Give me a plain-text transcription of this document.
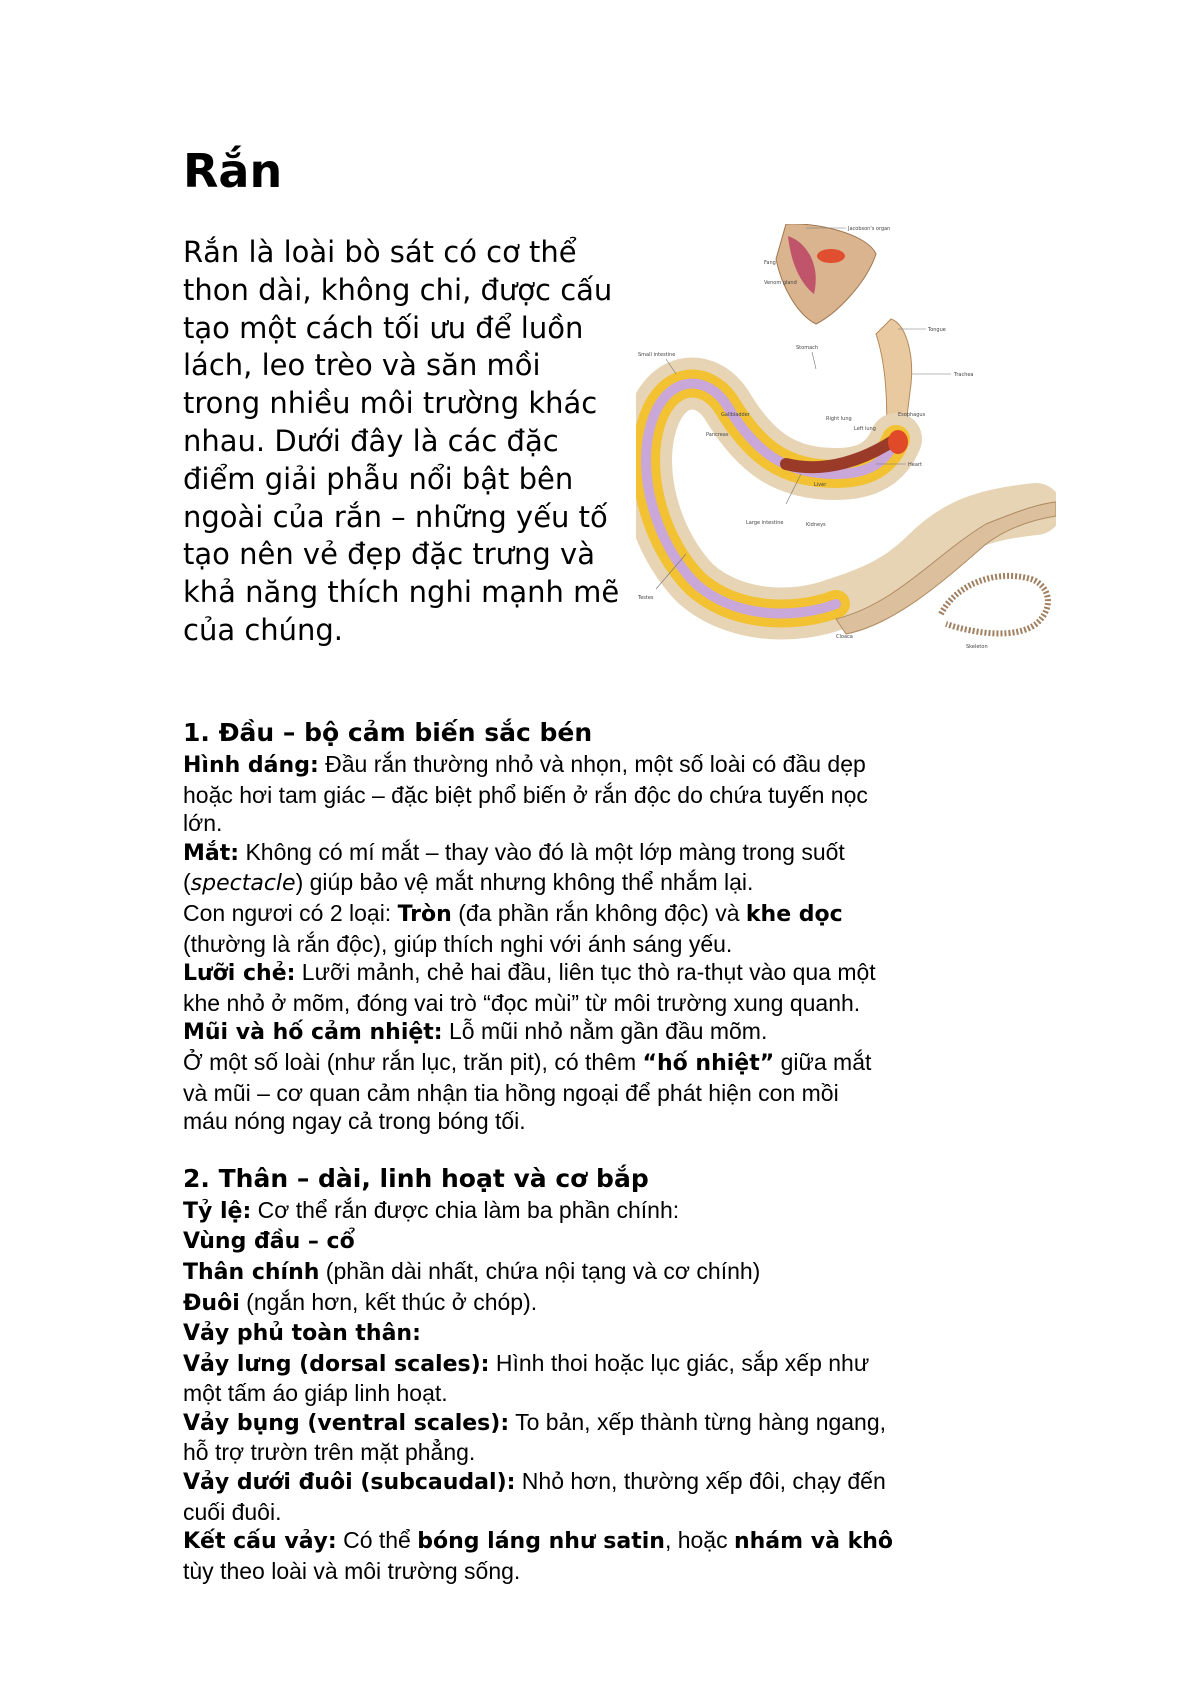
Rắn

Rắn là loài bò sát có cơ thể thon dài, không chi, được cấu tạo một cách tối ưu để luồn lách, leo trèo và săn mồi trong nhiều môi trường khác nhau. Dưới đây là các đặc điểm giải phẫu nổi bật bên ngoài của rắn – những yếu tố tạo nên vẻ đẹp đặc trưng và khả năng thích nghi mạnh mẽ của chúng.

Jacobson's organ
Fang
Venom gland
Tongue
Trachea
Stomach
Small intestine
Gallbladder
Pancreas
Right lung
Left lung
Esophagus
Heart
Liver
Large intestine	Kidneys
Testes
Cloaca
Skeleton
1. Đầu – bộ cảm biến sắc bén

Hình dáng: Đầu rắn thường nhỏ và nhọn, một số loài có đầu dẹp

hoặc hơi tam giác – đặc biệt phổ biến ở rắn độc do chứa tuyến nọc

lớn.

Mắt: Không có mí mắt – thay vào đó là một lớp màng trong suốt

(spectacle) giúp bảo vệ mắt nhưng không thể nhắm lại.

Con ngươi có 2 loại: Tròn (đa phần rắn không độc) và khe dọc

(thường là rắn độc), giúp thích nghi với ánh sáng yếu.

Lưỡi chẻ: Lưỡi mảnh, chẻ hai đầu, liên tục thò ra-thụt vào qua một

khe nhỏ ở mõm, đóng vai trò “đọc mùi” từ môi trường xung quanh.

Mũi và hố cảm nhiệt: Lỗ mũi nhỏ nằm gần đầu mõm.

Ở một số loài (như rắn lục, trăn pit), có thêm “hố nhiệt” giữa mắt

và mũi – cơ quan cảm nhận tia hồng ngoại để phát hiện con mồi

máu nóng ngay cả trong bóng tối.

2. Thân – dài, linh hoạt và cơ bắp

Tỷ lệ: Cơ thể rắn được chia làm ba phần chính:

Vùng đầu – cổ

Thân chính (phần dài nhất, chứa nội tạng và cơ chính)

Đuôi (ngắn hơn, kết thúc ở chóp).

Vảy phủ toàn thân:

Vảy lưng (dorsal scales): Hình thoi hoặc lục giác, sắp xếp như

một tấm áo giáp linh hoạt.

Vảy bụng (ventral scales): To bản, xếp thành từng hàng ngang,

hỗ trợ trườn trên mặt phẳng.

Vảy dưới đuôi (subcaudal): Nhỏ hơn, thường xếp đôi, chạy đến

cuối đuôi.

Kết cấu vảy: Có thể bóng láng như satin, hoặc nhám và khô

tùy theo loài và môi trường sống.
